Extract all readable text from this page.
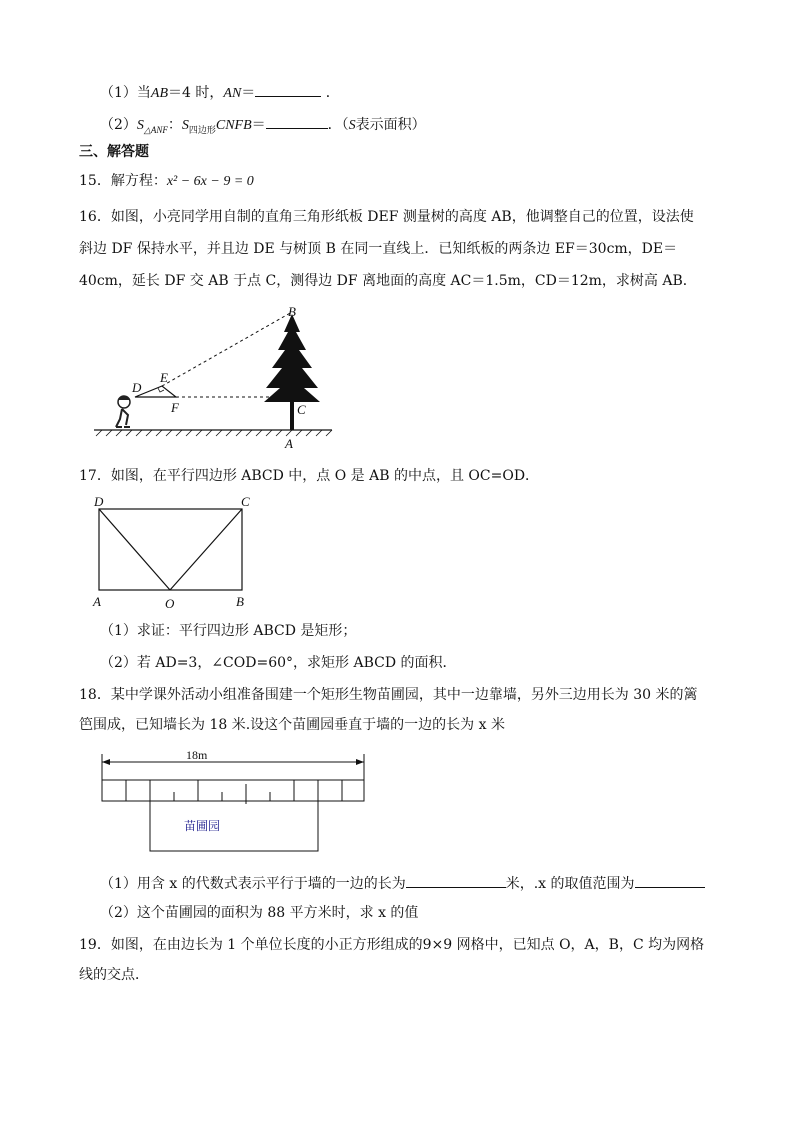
（1）当AB＝4 时，AN＝	．
$(2)S_{\triangle ANF}$：$S_{四边形}CNFB=$	．（S表示面积）
三、解答题
15．解方程：x² − 6x − 9 = 0
16．如图，小亮同学用自制的直角三角形纸板 DEF 测量树的高度 AB，他调整自己的位置，设法使
斜边 DF 保持水平，并且边 DE 与树顶 B 在同一直线上．已知纸板的两条边 EF＝30cm，DE＝
40cm，延长 DF 交 AB 于点 C，测得边 DF 离地面的高度 AC＝1.5m，CD＝12m，求树高 AB．
B
E
D
F	C
A
17．如图，在平行四边形 ABCD 中，点 O 是 AB 的中点，且 OC=OD．
D	C
A	O	B
（1）求证：平行四边形 ABCD 是矩形；
（2）若 AD=3，∠COD=60°，求矩形 ABCD 的面积．
18．某中学课外活动小组准备围建一个矩形生物苗圃园，其中一边靠墙，另外三边用长为 30 米的篱
笆围成，已知墙长为 18 米.设这个苗圃园垂直于墙的一边的长为 x 米
18m
苗圃园
（1）用含 x 的代数式表示平行于墙的一边的长为	米，.x 的取值范围为
（2）这个苗圃园的面积为 88 平方米时，求 x 的值
19．如图，在由边长为 1 个单位长度的小正方形组成的9×9 网格中，已知点 O，A，B，C 均为网格
线的交点．
